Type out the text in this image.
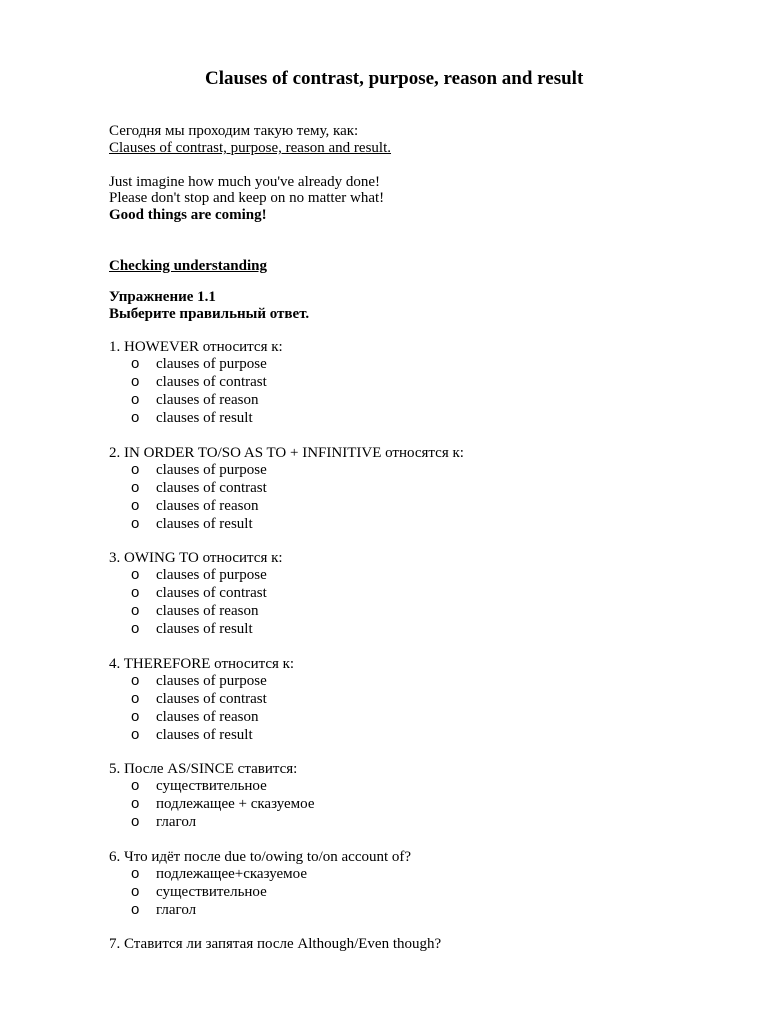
Clauses of contrast, purpose, reason and result
Сегодня мы проходим такую тему, как:
Clauses of contrast, purpose, reason and result.
Just imagine how much you've already done!
Please don't stop and keep on no matter what!
Good things are coming!
Checking understanding
Упражнение 1.1
Выберите правильный ответ.
1. HOWEVER относится к:
o clauses of purpose
o clauses of contrast
o clauses of reason
o clauses of result
2. IN ORDER TO/SO AS TO + INFINITIVE относятся к:
o clauses of purpose
o clauses of contrast
o clauses of reason
o clauses of result
3. OWING TO относится к:
o clauses of purpose
o clauses of contrast
o clauses of reason
o clauses of result
4. THEREFORE относится к:
o clauses of purpose
o clauses of contrast
o clauses of reason
o clauses of result
5. После AS/SINCE ставится:
o существительное
o подлежащее + сказуемое
o глагол
6. Что идёт после due to/owing to/on account of?
o подлежащее+сказуемое
o существительное
o глагол
7. Ставится ли запятая после Although/Even though?
